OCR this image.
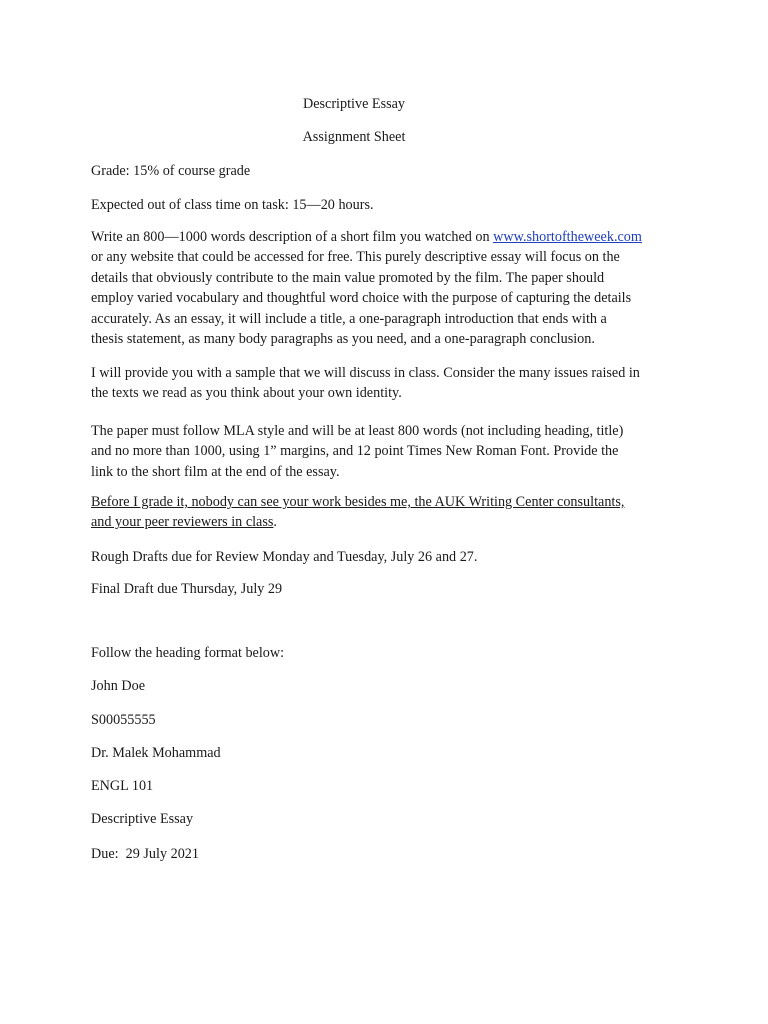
Descriptive Essay
Assignment Sheet
Grade: 15% of course grade
Expected out of class time on task: 15—20 hours.
Write an 800—1000 words description of a short film you watched on www.shortoftheweek.com
or any website that could be accessed for free. This purely descriptive essay will focus on the
details that obviously contribute to the main value promoted by the film. The paper should
employ varied vocabulary and thoughtful word choice with the purpose of capturing the details
accurately. As an essay, it will include a title, a one-paragraph introduction that ends with a
thesis statement, as many body paragraphs as you need, and a one-paragraph conclusion.
I will provide you with a sample that we will discuss in class. Consider the many issues raised in
the texts we read as you think about your own identity.
The paper must follow MLA style and will be at least 800 words (not including heading, title)
and no more than 1000, using 1” margins, and 12 point Times New Roman Font. Provide the
link to the short film at the end of the essay.
Before I grade it, nobody can see your work besides me, the AUK Writing Center consultants,
and your peer reviewers in class.
Rough Drafts due for Review Monday and Tuesday, July 26 and 27.
Final Draft due Thursday, July 29
Follow the heading format below:
John Doe
S00055555
Dr. Malek Mohammad
ENGL 101
Descriptive Essay
Due:  29 July 2021
